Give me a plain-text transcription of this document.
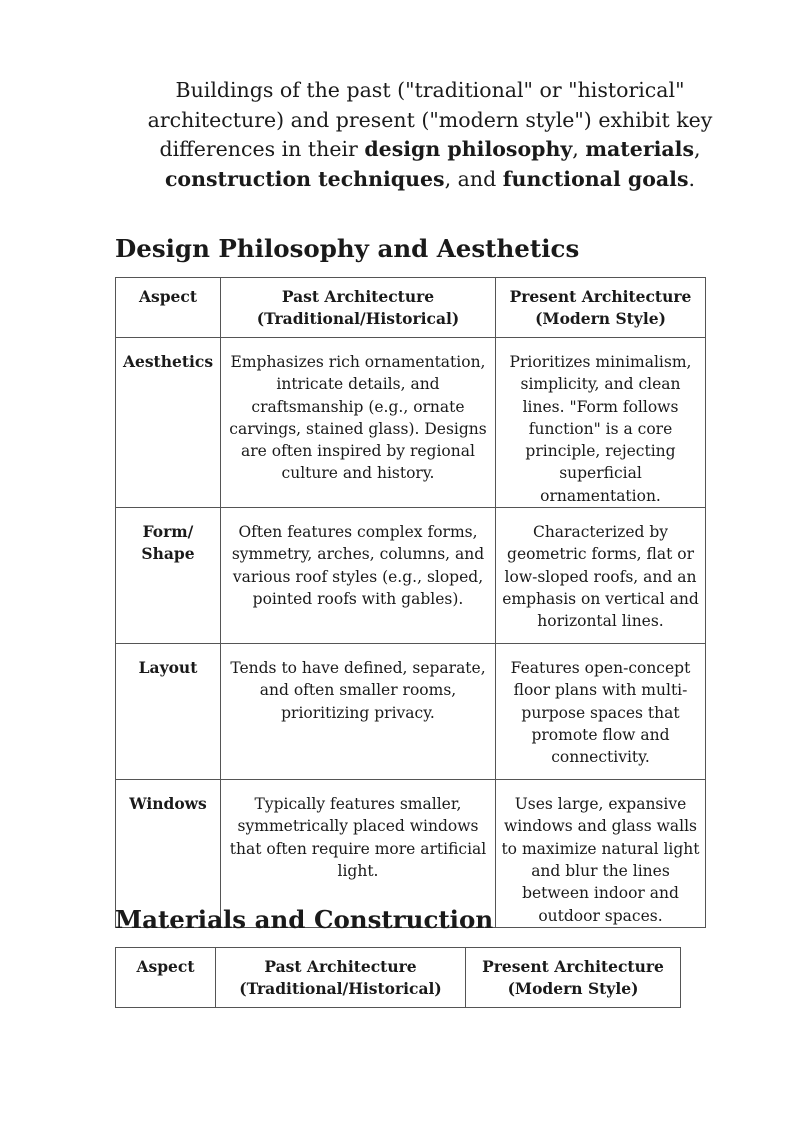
Buildings of the past ("traditional" or "historical" architecture) and present ("modern style") exhibit key differences in their design philosophy, materials, construction techniques, and functional goals.
Design Philosophy and Aesthetics
Aspect	Past Architecture (Traditional/Historical)	Present Architecture (Modern Style)
Aesthetics	Emphasizes rich ornamentation, intricate details, and craftsmanship (e.g., ornate carvings, stained glass). Designs are often inspired by regional culture and history.	Prioritizes minimalism, simplicity, and clean lines. "Form follows function" is a core principle, rejecting superficial ornamentation.
Form/ Shape	Often features complex forms, symmetry, arches, columns, and various roof styles (e.g., sloped, pointed roofs with gables).	Characterized by geometric forms, flat or low-sloped roofs, and an emphasis on vertical and horizontal lines.
Layout	Tends to have defined, separate, and often smaller rooms, prioritizing privacy.	Features open-concept floor plans with multi-purpose spaces that promote flow and connectivity.
Windows	Typically features smaller, symmetrically placed windows that often require more artificial light.	Uses large, expansive windows and glass walls to maximize natural light and blur the lines between indoor and outdoor spaces.
Materials and Construction
Aspect	Past Architecture (Traditional/Historical)	Present Architecture (Modern Style)
